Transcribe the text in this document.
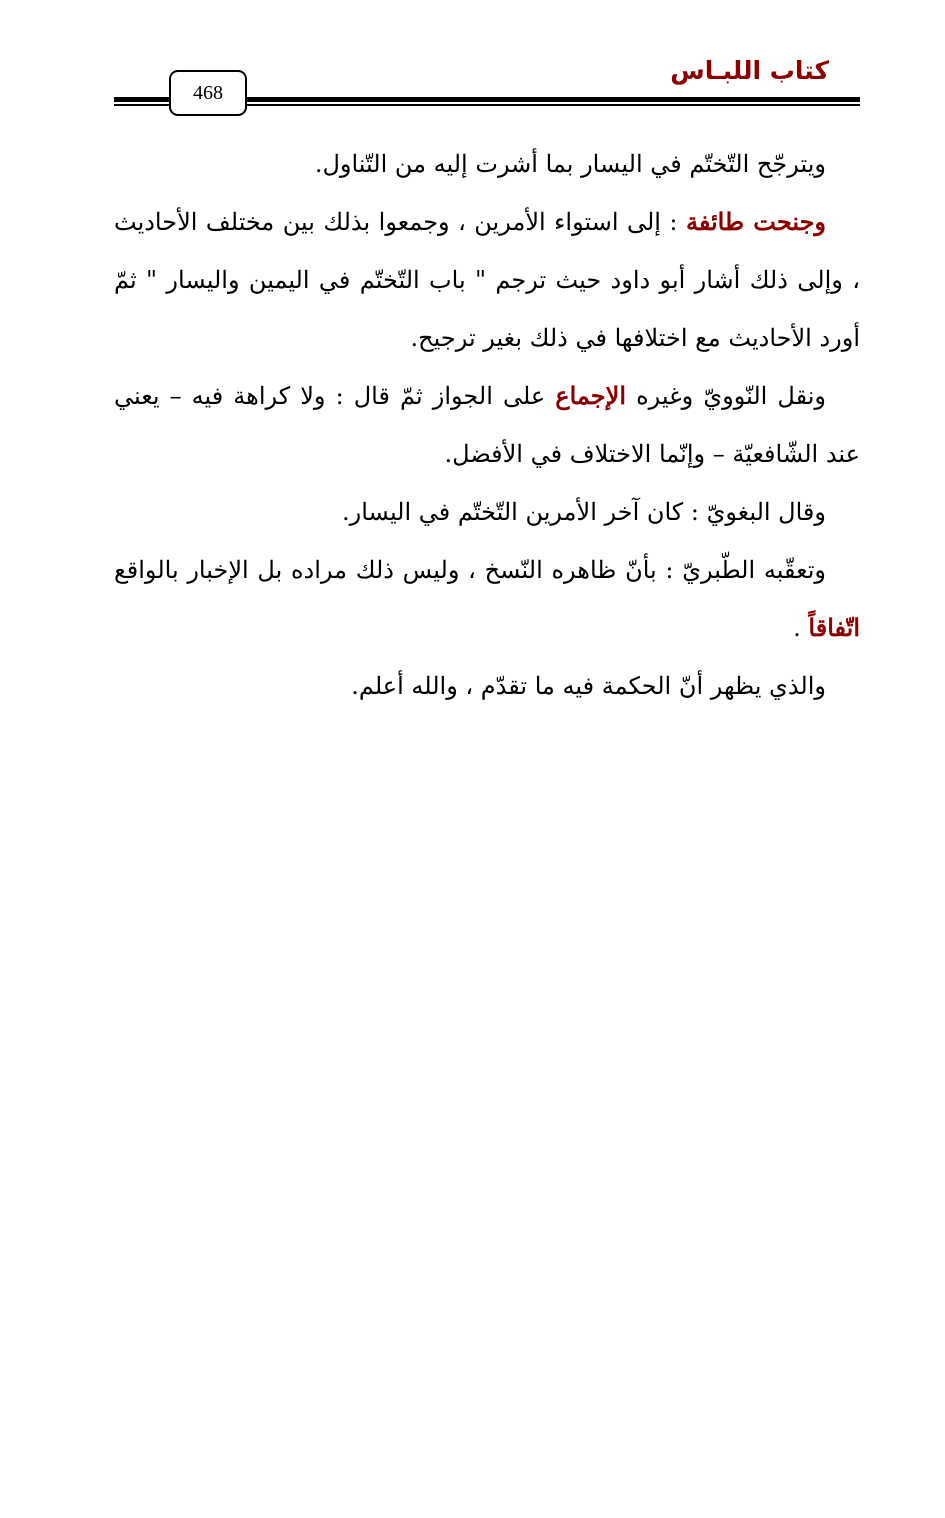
كتاب اللبـاس
468

ويترجّح التّختّم في اليسار بما أشرت إليه من التّناول.

وجنحت طائفة : إلى استواء الأمرين ، وجمعوا بذلك بين مختلف الأحاديث ، وإلى ذلك أشار أبو داود حيث ترجم " باب التّختّم في اليمين واليسار " ثمّ أورد الأحاديث مع اختلافها في ذلك بغير ترجيح.

ونقل النّوويّ وغيره الإجماع على الجواز ثمّ قال : ولا كراهة فيه – يعني عند الشّافعيّة – وإنّما الاختلاف في الأفضل.

وقال البغويّ : كان آخر الأمرين التّختّم في اليسار.

وتعقّبه الطّبريّ : بأنّ ظاهره النّسخ ، وليس ذلك مراده بل الإخبار بالواقع اتّفاقاً .

والذي يظهر أنّ الحكمة فيه ما تقدّم ، والله أعلم.
